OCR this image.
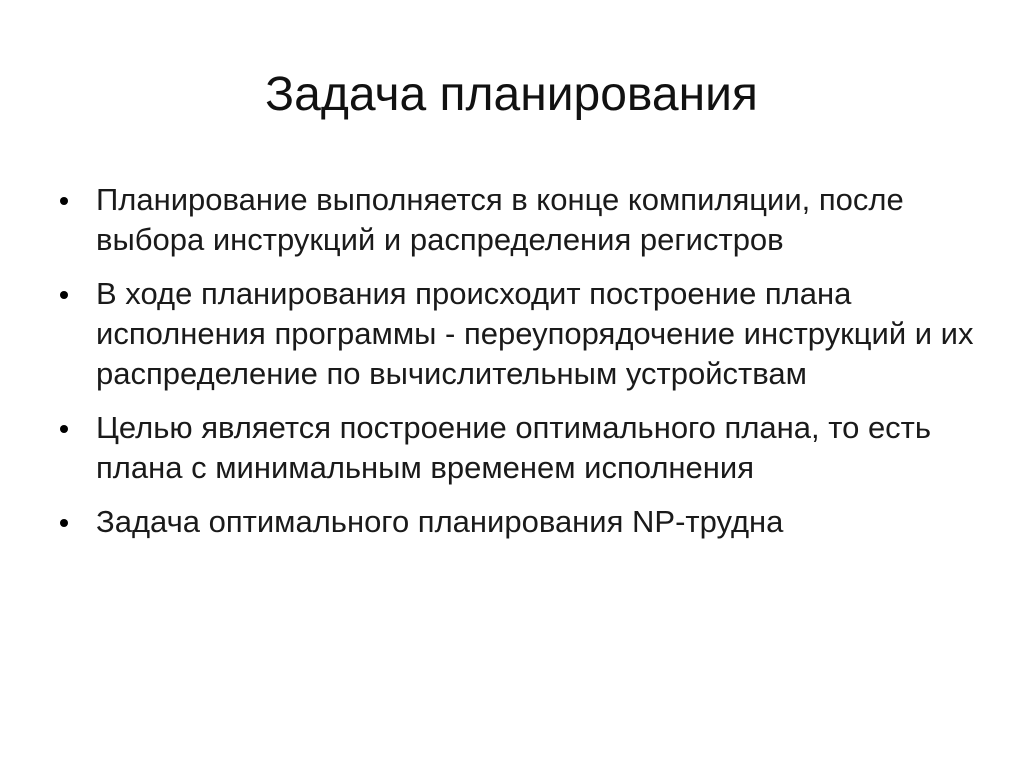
Задача планирования
Планирование выполняется в конце компиляции, после выбора инструкций и распределения регистров
В ходе планирования происходит построение плана исполнения программы - переупорядочение инструкций и их распределение по вычислительным устройствам
Целью является построение оптимального плана, то есть плана с минимальным временем исполнения
Задача оптимального планирования NP-трудна
